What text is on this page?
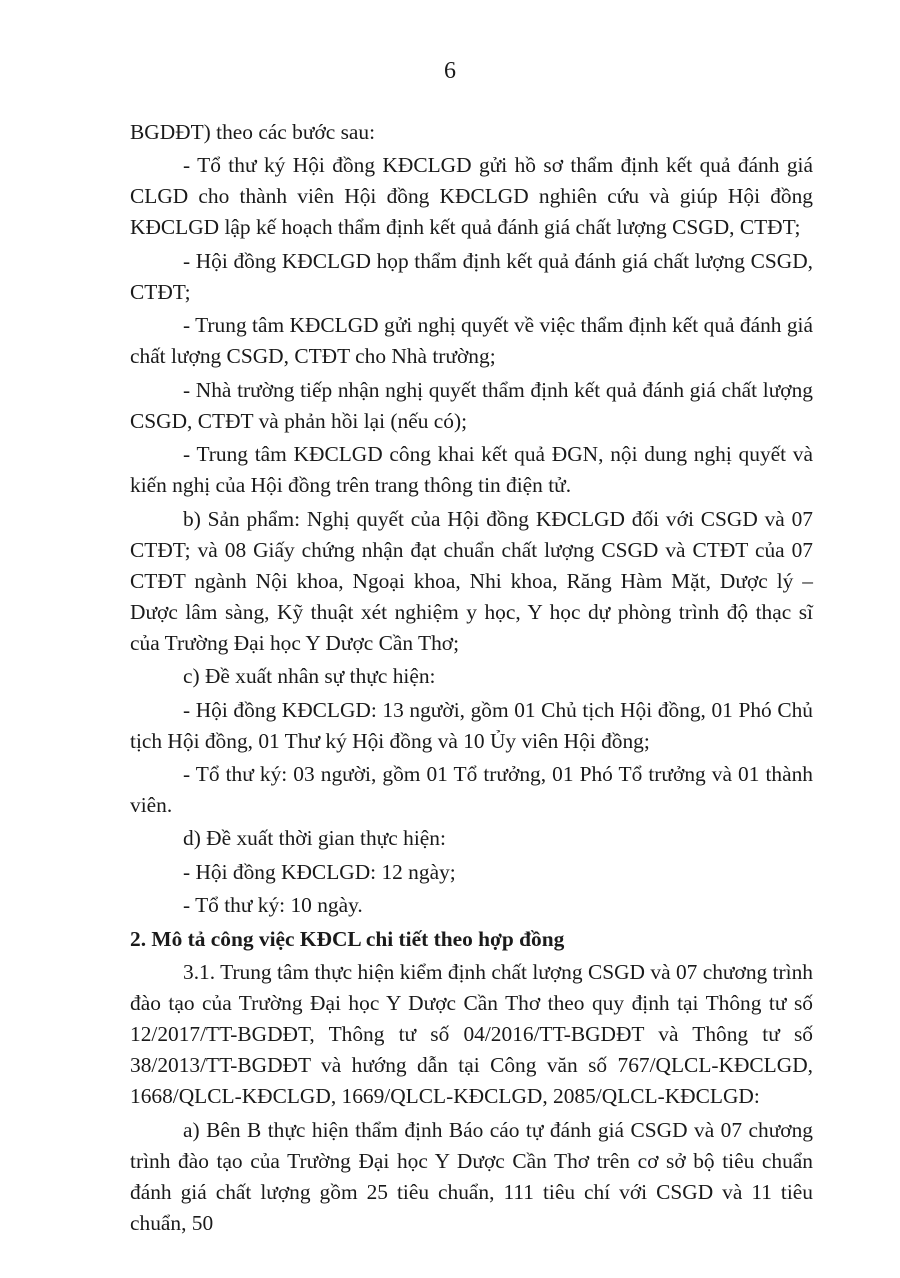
6

BGDĐT) theo các bước sau:

- Tổ thư ký Hội đồng KĐCLGD gửi hồ sơ thẩm định kết quả đánh giá CLGD cho thành viên Hội đồng KĐCLGD nghiên cứu và giúp Hội đồng KĐCLGD lập kế hoạch thẩm định kết quả đánh giá chất lượng CSGD, CTĐT;

- Hội đồng KĐCLGD họp thẩm định kết quả đánh giá chất lượng CSGD, CTĐT;

- Trung tâm KĐCLGD gửi nghị quyết về việc thẩm định kết quả đánh giá chất lượng CSGD, CTĐT cho Nhà trường;

- Nhà trường tiếp nhận nghị quyết thẩm định kết quả đánh giá chất lượng CSGD, CTĐT và phản hồi lại (nếu có);

- Trung tâm KĐCLGD công khai kết quả ĐGN, nội dung nghị quyết và kiến nghị của Hội đồng trên trang thông tin điện tử.

b) Sản phẩm: Nghị quyết của Hội đồng KĐCLGD đối với CSGD và 07 CTĐT; và 08 Giấy chứng nhận đạt chuẩn chất lượng CSGD và CTĐT của 07 CTĐT ngành Nội khoa, Ngoại khoa, Nhi khoa, Răng Hàm Mặt, Dược lý – Dược lâm sàng, Kỹ thuật xét nghiệm y học, Y học dự phòng trình độ thạc sĩ của Trường Đại học Y Dược Cần Thơ;

c) Đề xuất nhân sự thực hiện:

- Hội đồng KĐCLGD: 13 người, gồm 01 Chủ tịch Hội đồng, 01 Phó Chủ tịch Hội đồng, 01 Thư ký Hội đồng và 10 Ủy viên Hội đồng;

- Tổ thư ký: 03 người, gồm 01 Tổ trưởng, 01 Phó Tổ trưởng và 01 thành viên.

d) Đề xuất thời gian thực hiện:

- Hội đồng KĐCLGD: 12 ngày;

- Tổ thư ký: 10 ngày.

2. Mô tả công việc KĐCL chi tiết theo hợp đồng

3.1. Trung tâm thực hiện kiểm định chất lượng CSGD và 07 chương trình đào tạo của Trường Đại học Y Dược Cần Thơ theo quy định tại Thông tư số 12/2017/TT-BGDĐT, Thông tư số 04/2016/TT-BGDĐT và Thông tư số 38/2013/TT-BGDĐT và hướng dẫn tại Công văn số 767/QLCL-KĐCLGD, 1668/QLCL-KĐCLGD, 1669/QLCL-KĐCLGD, 2085/QLCL-KĐCLGD:

a) Bên B thực hiện thẩm định Báo cáo tự đánh giá CSGD và 07 chương trình đào tạo của Trường Đại học Y Dược Cần Thơ trên cơ sở bộ tiêu chuẩn đánh giá chất lượng gồm 25 tiêu chuẩn, 111 tiêu chí với CSGD và 11 tiêu chuẩn, 50
